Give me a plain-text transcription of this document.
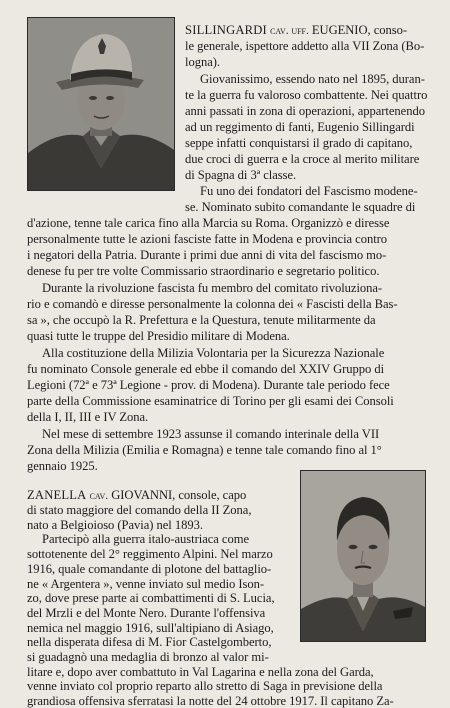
SILLINGARDI cav. uff. EUGENIO, conso-
le generale, ispettore addetto alla VII Zona (Bo-
logna).
Giovanissimo, essendo nato nel 1895, duran-
te la guerra fu valoroso combattente. Nei quattro
anni passati in zona di operazioni, appartenendo
ad un reggimento di fanti, Eugenio Sillingardi
seppe infatti conquistarsi il grado di capitano,
due croci di guerra e la croce al merito militare
di Spagna di 3ª classe.
Fu uno dei fondatori del Fascismo modene-
se. Nominato subito comandante le squadre di
d'azione, tenne tale carica fino alla Marcia su Roma. Organizzò e diresse
personalmente tutte le azioni fasciste fatte in Modena e provincia contro
i negatori della Patria. Durante i primi due anni di vita del fascismo mo-
denese fu per tre volte Commissario straordinario e segretario politico.
Durante la rivoluzione fascista fu membro del comitato rivoluziona-
rio e comandò e diresse personalmente la colonna dei « Fascisti della Bas-
sa », che occupò la R. Prefettura e la Questura, tenute militarmente da
quasi tutte le truppe del Presidio militare di Modena.
Alla costituzione della Milizia Volontaria per la Sicurezza Nazionale
fu nominato Console generale ed ebbe il comando del XXIV Gruppo di
Legioni (72ª e 73ª Legione - prov. di Modena). Durante tale periodo fece
parte della Commissione esaminatrice di Torino per gli esami dei Consoli
della I, II, III e IV Zona.
Nel mese di settembre 1923 assunse il comando interinale della VII
Zona della Milizia (Emilia e Romagna) e tenne tale comando fino al 1°
gennaio 1925.
ZANELLA cav. GIOVANNI, console, capo
di stato maggiore del comando della II Zona,
nato a Belgioioso (Pavia) nel 1893.
Partecipò alla guerra italo-austriaca come
sottotenente del 2° reggimento Alpini. Nel marzo
1916, quale comandante di plotone del battaglio-
ne « Argentera », venne inviato sul medio Ison-
zo, dove prese parte ai combattimenti di S. Lucia,
del Mrzli e del Monte Nero. Durante l'offensiva
nemica nel maggio 1916, sull'altipiano di Asiago,
nella disperata difesa di M. Fior Castelgomberto,
si guadagnò una medaglia di bronzo al valor mi-
litare e, dopo aver combattuto in Val Lagarina e nella zona del Garda,
venne inviato col proprio reparto allo stretto di Saga in previsione della
grandiosa offensiva sferratasi la notte del 24 ottobre 1917. Il capitano Za-
